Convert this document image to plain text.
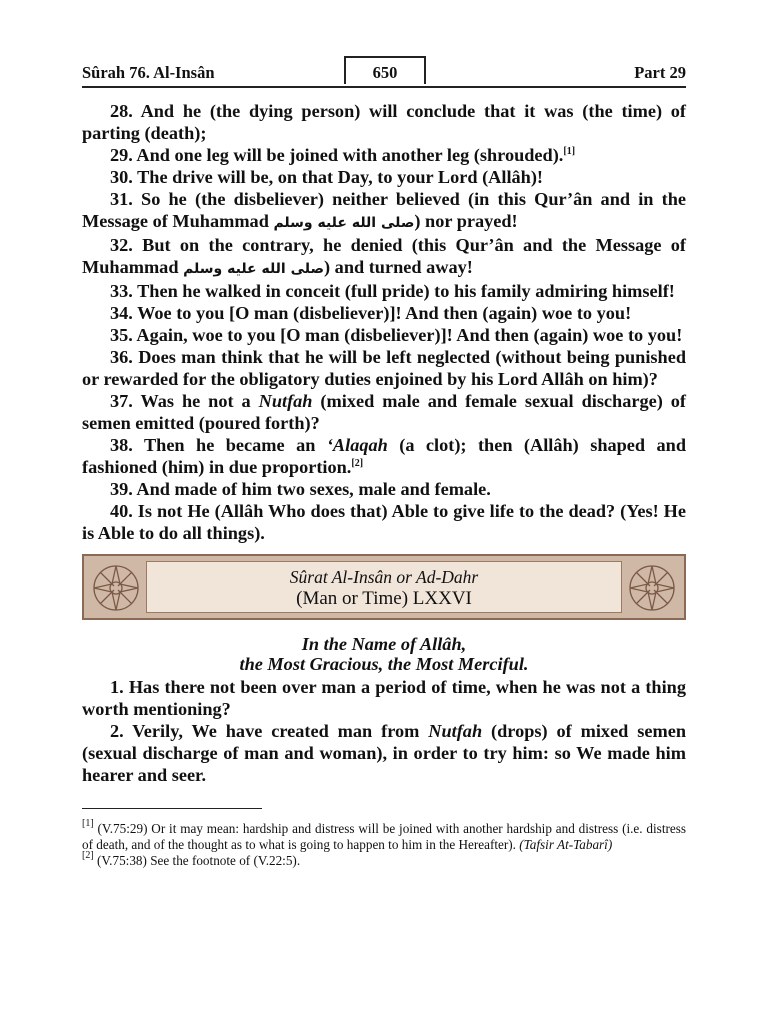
Sûrah 76. Al-Insân	650	Part 29

28. And he (the dying person) will conclude that it was (the time) of parting (death);

29. And one leg will be joined with another leg (shrouded).[1]

30. The drive will be, on that Day, to your Lord (Allâh)!

31. So he (the disbeliever) neither believed (in this Qur’ân and in the Message of Muhammad صلى الله عليه وسلم) nor prayed!

32. But on the contrary, he denied (this Qur’ân and the Message of Muhammad صلى الله عليه وسلم) and turned away!

33. Then he walked in conceit (full pride) to his family admiring himself!

34. Woe to you [O man (disbeliever)]! And then (again) woe to you!

35. Again, woe to you [O man (disbeliever)]! And then (again) woe to you!

36. Does man think that he will be left neglected (without being punished or rewarded for the obligatory duties enjoined by his Lord Allâh on him)?

37. Was he not a Nutfah (mixed male and female sexual discharge) of semen emitted (poured forth)?

38. Then he became an ‘Alaqah (a clot); then (Allâh) shaped and fashioned (him) in due proportion.[2]

39. And made of him two sexes, male and female.

40. Is not He (Allâh Who does that) Able to give life to the dead? (Yes! He is Able to do all things).

Sûrat Al-Insân or Ad-Dahr
(Man or Time) LXXVI
In the Name of Allâh,
the Most Gracious, the Most Merciful.

1. Has there not been over man a period of time, when he was not a thing worth mentioning?

2. Verily, We have created man from Nutfah (drops) of mixed semen (sexual discharge of man and woman), in order to try him: so We made him hearer and seer.

[1] (V.75:29) Or it may mean: hardship and distress will be joined with another hardship and distress (i.e. distress of death, and of the thought as to what is going to happen to him in the Hereafter). (Tafsir At-Tabarî)

[2] (V.75:38) See the footnote of (V.22:5).
